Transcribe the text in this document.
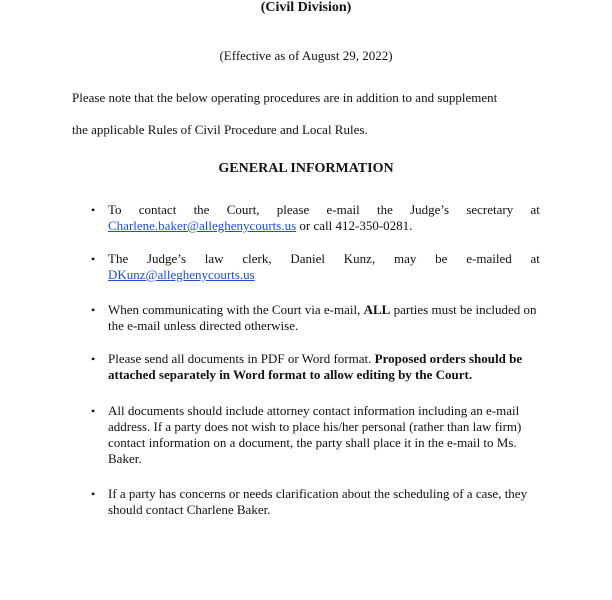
(Civil Division)
(Effective as of August 29, 2022)
Please note that the below operating procedures are in addition to and supplement
the applicable Rules of Civil Procedure and Local Rules.
GENERAL INFORMATION
• To contact the Court, please e-mail the Judge’s secretary at
Charlene.baker@alleghenycourts.us or call 412-350-0281.
• The Judge’s law clerk, Daniel Kunz, may be e-mailed at
DKunz@alleghenycourts.us
• When communicating with the Court via e-mail, ALL parties must be included on the e-mail unless directed otherwise.
• Please send all documents in PDF or Word format. Proposed orders should be attached separately in Word format to allow editing by the Court.
• All documents should include attorney contact information including an e-mail address. If a party does not wish to place his/her personal (rather than law firm) contact information on a document, the party shall place it in the e-mail to Ms. Baker.
• If a party has concerns or needs clarification about the scheduling of a case, they should contact Charlene Baker.
